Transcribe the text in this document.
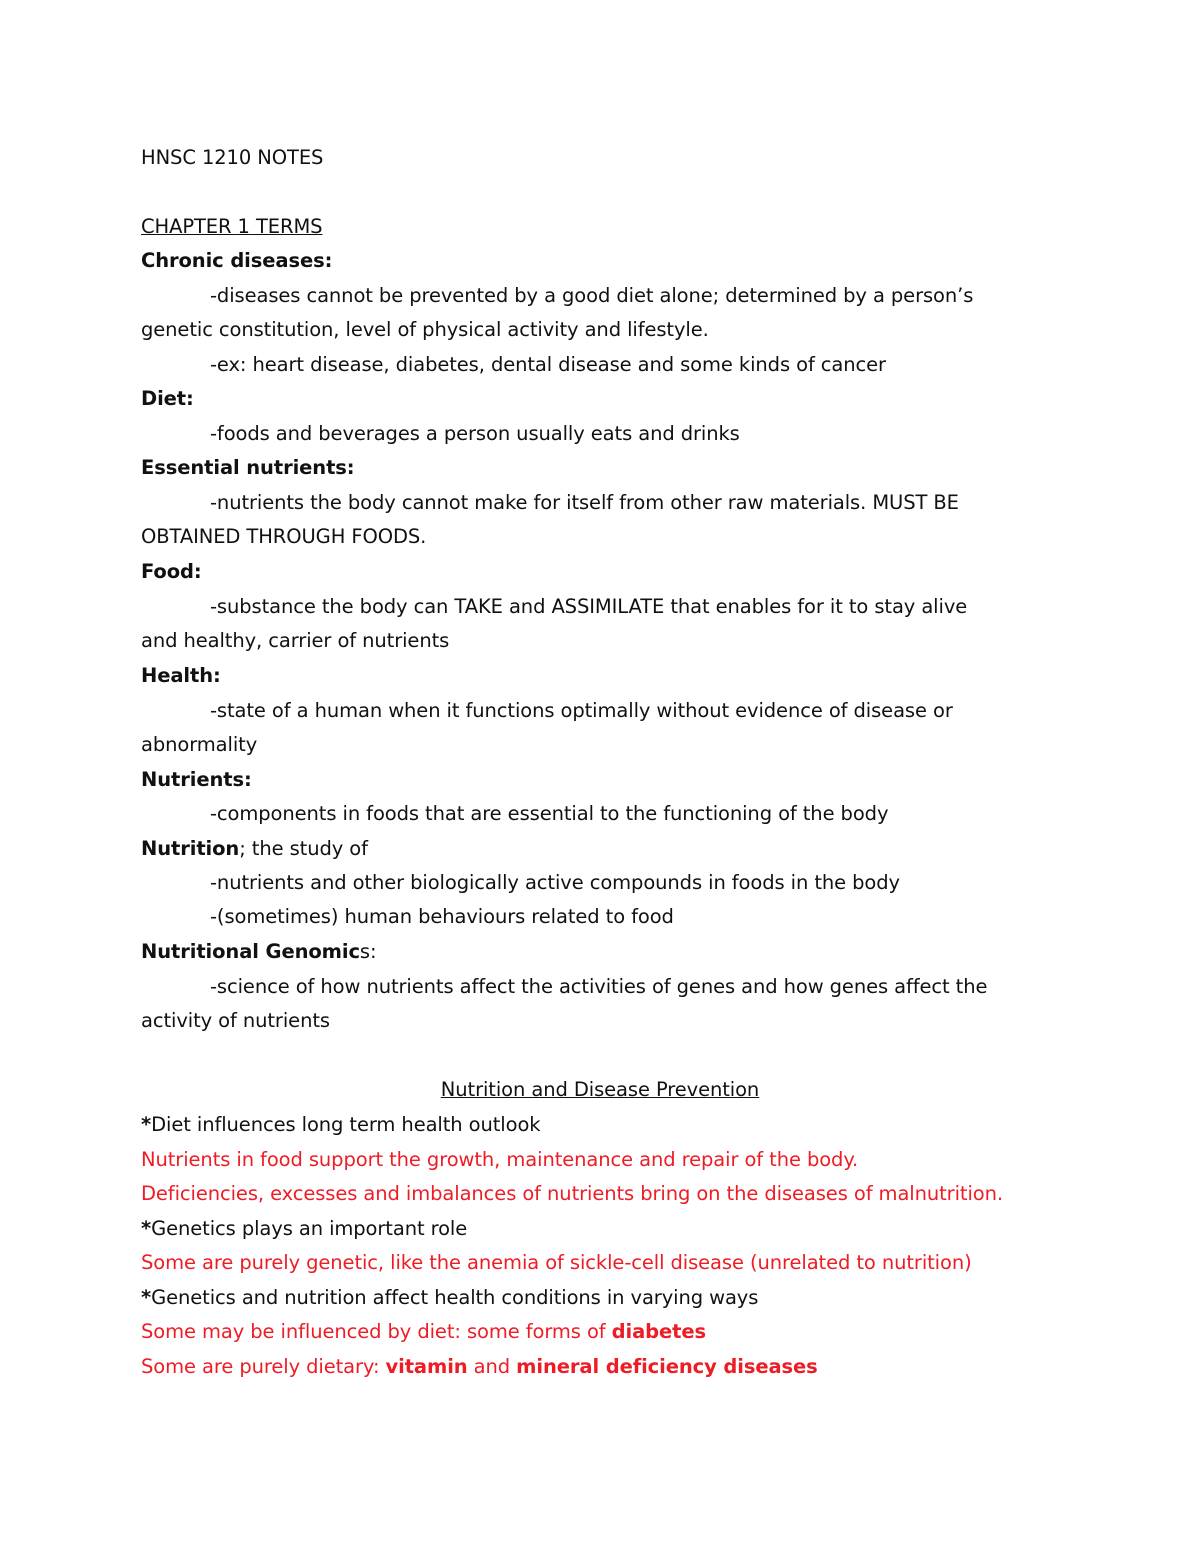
HNSC 1210 NOTES
CHAPTER 1 TERMS
Chronic diseases:
-diseases cannot be prevented by a good diet alone; determined by a person’s
genetic constitution, level of physical activity and lifestyle.
-ex: heart disease, diabetes, dental disease and some kinds of cancer
Diet:
-foods and beverages a person usually eats and drinks
Essential nutrients:
-nutrients the body cannot make for itself from other raw materials. MUST BE
OBTAINED THROUGH FOODS.
Food:
-substance the body can TAKE and ASSIMILATE that enables for it to stay alive
and healthy, carrier of nutrients
Health:
-state of a human when it functions optimally without evidence of disease or
abnormality
Nutrients:
-components in foods that are essential to the functioning of the body
Nutrition; the study of
-nutrients and other biologically active compounds in foods in the body
-(sometimes) human behaviours related to food
Nutritional Genomics:
-science of how nutrients affect the activities of genes and how genes affect the
activity of nutrients
Nutrition and Disease Prevention
*Diet influences long term health outlook
Nutrients in food support the growth, maintenance and repair of the body.
Deficiencies, excesses and imbalances of nutrients bring on the diseases of malnutrition.
*Genetics plays an important role
Some are purely genetic, like the anemia of sickle-cell disease (unrelated to nutrition)
*Genetics and nutrition affect health conditions in varying ways
Some may be influenced by diet: some forms of diabetes
Some are purely dietary: vitamin and mineral deficiency diseases
